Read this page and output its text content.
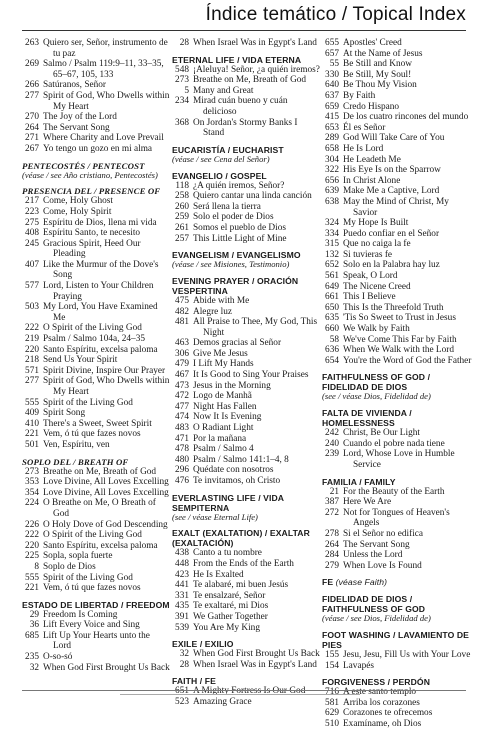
Índice temático / Topical Index
263 Quiero ser, Señor, instrumento de tu paz
269 Salmo / Psalm 119:9–11, 33–35, 65–67, 105, 133
266 Satúranos, Señor
277 Spirit of God, Who Dwells within My Heart
270 The Joy of the Lord
264 The Servant Song
271 Where Charity and Love Prevail
267 Yo tengo un gozo en mi alma
PENTECOSTÉS / PENTECOST
(véase / see Año cristiano, Pentecostés)
PRESENCIA DEL / PRESENCE OF
217 Come, Holy Ghost
223 Come, Holy Spirit
275 Espíritu de Dios, llena mi vida
408 Espíritu Santo, te necesito
245 Gracious Spirit, Heed Our Pleading
407 Like the Murmur of the Dove's Song
577 Lord, Listen to Your Children Praying
503 My Lord, You Have Examined Me
222 O Spirit of the Living God
219 Psalm / Salmo 104a, 24–35
220 Santo Espíritu, excelsa paloma
218 Send Us Your Spirit
571 Spirit Divine, Inspire Our Prayer
277 Spirit of God, Who Dwells within My Heart
555 Spirit of the Living God
409 Spirit Song
410 There's a Sweet, Sweet Spirit
221 Vem, ó tú que fazes novos
501 Ven, Espíritu, ven
SOPLO DEL / BREATH OF
273 Breathe on Me, Breath of God
353 Love Divine, All Loves Excelling
354 Love Divine, All Loves Excelling
224 O Breathe on Me, O Breath of God
226 O Holy Dove of God Descending
222 O Spirit of the Living God
220 Santo Espíritu, excelsa paloma
225 Sopla, sopla fuerte
8 Soplo de Dios
555 Spirit of the Living God
221 Vem, ó tú que fazes novos
ESTADO DE LIBERTAD / FREEDOM
29 Freedom Is Coming
36 Lift Every Voice and Sing
685 Lift Up Your Hearts unto the Lord
235 O-so-só
32 When God First Brought Us Back
28 When Israel Was in Egypt's Land
ETERNAL LIFE / VIDA ETERNA
548 ¡Aleluya! Señor, ¿a quién iremos?
273 Breathe on Me, Breath of God
5 Many and Great
234 Mirad cuán bueno y cuán delicioso
368 On Jordan's Stormy Banks I Stand
EUCARISTÍA / EUCHARIST
(véase / see Cena del Señor)
EVANGELIO / GOSPEL
118 ¿A quién iremos, Señor?
258 Quiero cantar una linda canción
260 Será llena la tierra
259 Solo el poder de Dios
261 Somos el pueblo de Dios
257 This Little Light of Mine
EVANGELISM / EVANGELISMO
(véase / see Misiones, Testimonio)
EVENING PRAYER / ORACIÓN VESPERTINA
475 Abide with Me
482 Alegre luz
481 All Praise to Thee, My God, This Night
463 Demos gracias al Señor
306 Give Me Jesus
479 I Lift My Hands
467 It Is Good to Sing Your Praises
473 Jesus in the Morning
472 Logo de Manhã
477 Night Has Fallen
474 Now It Is Evening
483 O Radiant Light
471 Por la mañana
478 Psalm / Salmo 4
480 Psalm / Salmo 141:1–4, 8
296 Quédate con nosotros
476 Te invitamos, oh Cristo
EVERLASTING LIFE / VIDA SEMPITERNA
(see / véase Eternal Life)
EXALT (EXALTATION) / EXALTAR (EXALTACIÓN)
438 Canto a tu nombre
448 From the Ends of the Earth
423 He Is Exalted
441 Te alabaré, mi buen Jesús
331 Te ensalzaré, Señor
435 Te exaltaré, mi Dios
391 We Gather Together
539 You Are My King
EXILE / EXILIO
32 When God First Brought Us Back
28 When Israel Was in Egypt's Land
FAITH / FE
651 A Mighty Fortress Is Our God
523 Amazing Grace
655 Apostles' Creed
657 At the Name of Jesus
55 Be Still and Know
330 Be Still, My Soul!
640 Be Thou My Vision
637 By Faith
659 Credo Hispano
415 De los cuatro rincones del mundo
653 Él es Señor
289 God Will Take Care of You
658 He Is Lord
304 He Leadeth Me
322 His Eye Is on the Sparrow
656 In Christ Alone
639 Make Me a Captive, Lord
638 May the Mind of Christ, My Savior
324 My Hope Is Built
334 Puedo confiar en el Señor
315 Que no caiga la fe
132 Si tuvieras fe
652 Solo en la Palabra hay luz
561 Speak, O Lord
649 The Nicene Creed
661 This I Believe
650 This Is the Threefold Truth
635 'Tis So Sweet to Trust in Jesus
660 We Walk by Faith
58 We've Come This Far by Faith
636 When We Walk with the Lord
654 You're the Word of God the Father
FAITHFULNESS OF GOD / FIDELIDAD DE DIOS
(see / véase Dios, Fidelidad de)
FALTA DE VIVIENDA / HOMELESSNESS
242 Christ, Be Our Light
240 Cuando el pobre nada tiene
239 Lord, Whose Love in Humble Service
FAMILIA / FAMILY
21 For the Beauty of the Earth
387 Here We Are
272 Not for Tongues of Heaven's Angels
278 Si el Señor no edifica
264 The Servant Song
284 Unless the Lord
279 When Love Is Found
FE (véase Faith)
FIDELIDAD DE DIOS / FAITHFULNESS OF GOD
(véase / see Dios, Fidelidad de)
FOOT WASHING / LAVAMIENTO DE PIES
155 Jesu, Jesu, Fill Us with Your Love
154 Lavapés
FORGIVENESS / PERDÓN
716 A este santo templo
581 Arriba los corazones
629 Corazones te ofrecemos
510 Examíname, oh Dios
